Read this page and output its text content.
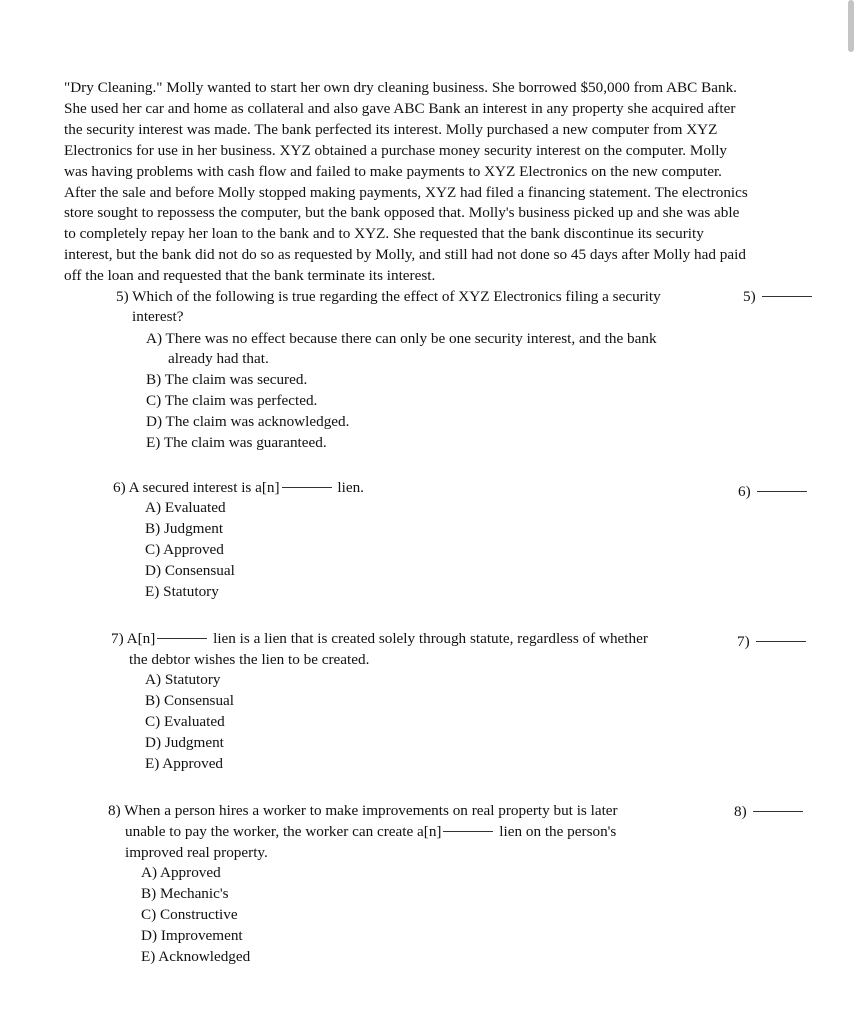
"Dry Cleaning." Molly wanted to start her own dry cleaning business. She borrowed $50,000 from ABC Bank.
She used her car and home as collateral and also gave ABC Bank an interest in any property she acquired after
the security interest was made. The bank perfected its interest. Molly purchased a new computer from XYZ
Electronics for use in her business. XYZ obtained a purchase money security interest on the computer. Molly
was having problems with cash flow and failed to make payments to XYZ Electronics on the new computer.
After the sale and before Molly stopped making payments, XYZ had filed a financing statement. The electronics
store sought to repossess the computer, but the bank opposed that. Molly's business picked up and she was able
to completely repay her loan to the bank and to XYZ. She requested that the bank discontinue its security
interest, but the bank did not do so as requested by Molly, and still had not done so 45 days after Molly had paid
off the loan and requested that the bank terminate its interest.
5) Which of the following is true regarding the effect of XYZ Electronics filing a security	5)
interest?
A) There was no effect because there can only be one security interest, and the bank
already had that.
B) The claim was secured.
C) The claim was perfected.
D) The claim was acknowledged.
E) The claim was guaranteed.
6) A secured interest is a[n]	lien.	6)
A) Evaluated
B) Judgment
C) Approved
D) Consensual
E) Statutory
7) A[n]	lien is a lien that is created solely through statute, regardless of whether	7)
the debtor wishes the lien to be created.
A) Statutory
B) Consensual
C) Evaluated
D) Judgment
E) Approved
8) When a person hires a worker to make improvements on real property but is later	8)
unable to pay the worker, the worker can create a[n]	lien on the person's
improved real property.
A) Approved
B) Mechanic's
C) Constructive
D) Improvement
E) Acknowledged
